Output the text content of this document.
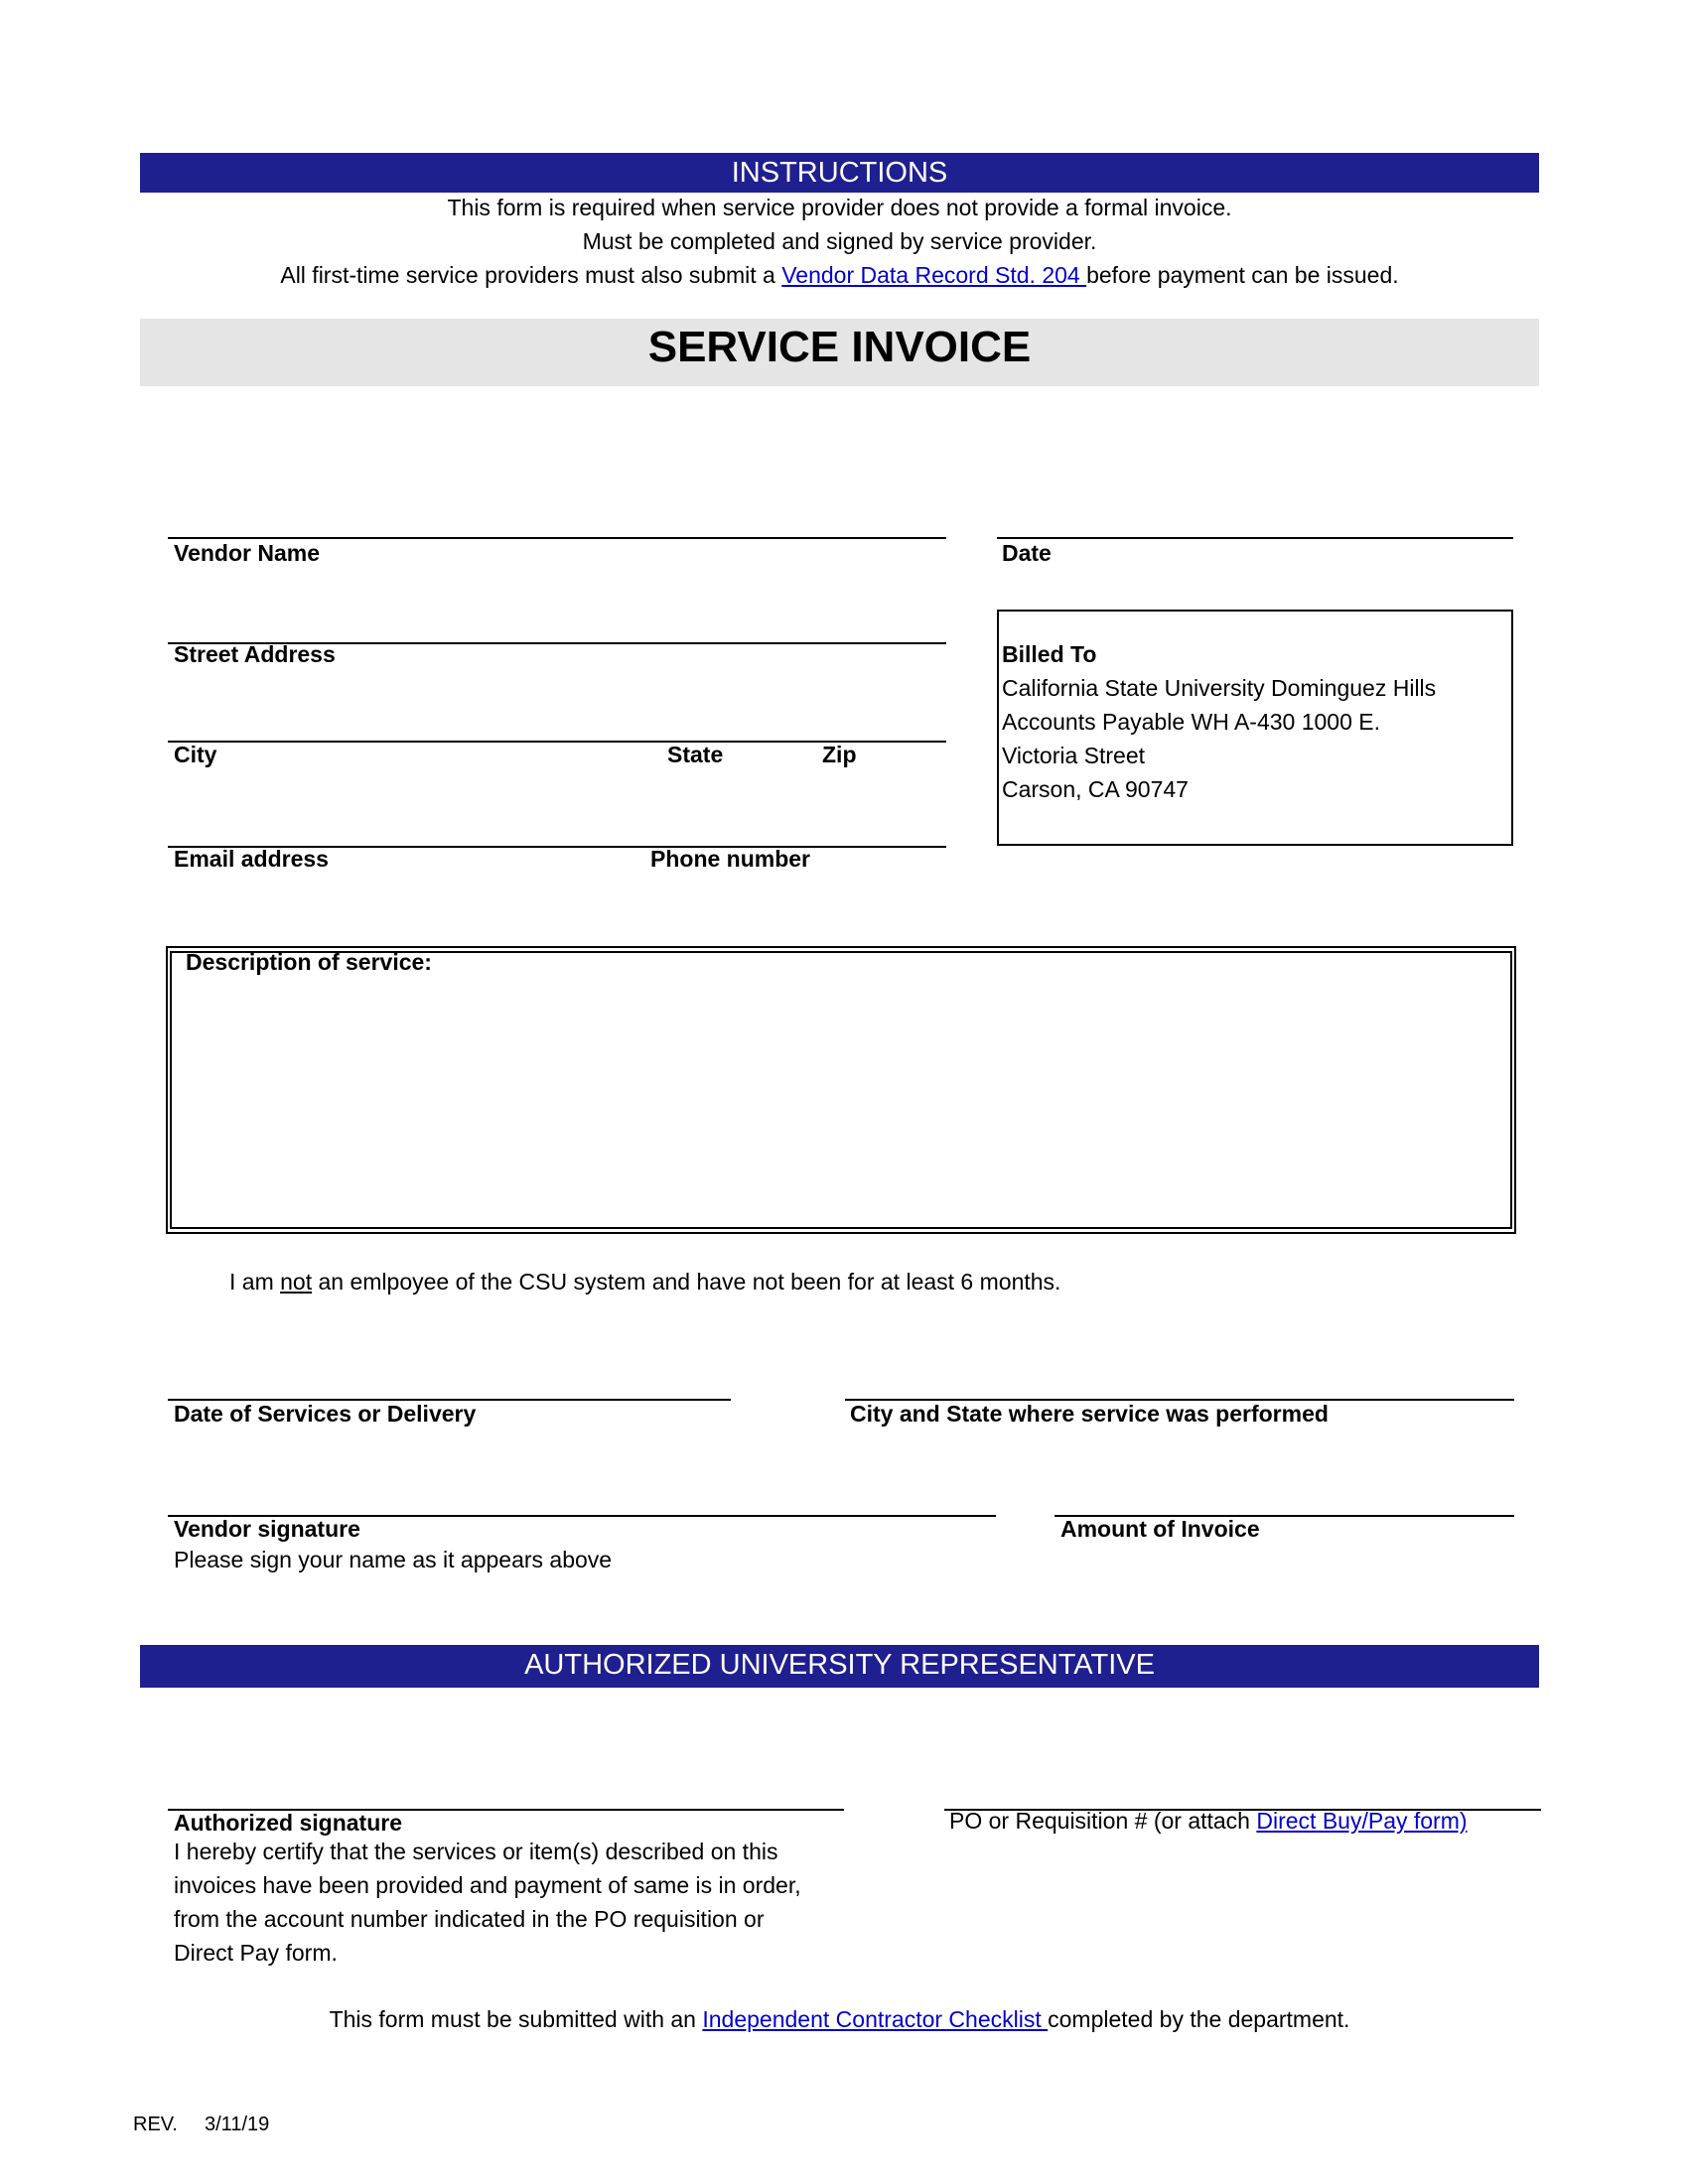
INSTRUCTIONS
This form is required when service provider does not provide a formal invoice.
Must be completed and signed by service provider.
All first-time service providers must also submit a Vendor Data Record Std. 204 before payment can be issued.
SERVICE INVOICE
Vendor Name	Date
Street Address	Billed To
California State University Dominguez Hills
Accounts Payable WH A-430 1000 E.
Victoria Street
Carson, CA 90747
City	State	Zip
Email address	Phone number
Description of service:
I am not an emlpoyee of the CSU system and have not been for at least 6 months.
Date of Services or Delivery	City and State where service was performed
Vendor signature
Please sign your name as it appears above
Amount of Invoice
AUTHORIZED UNIVERSITY REPRESENTATIVE
Authorized signature
I hereby certify that the services or item(s) described on this
invoices have been provided and payment of same is in order,
from the account number indicated in the PO requisition or
Direct Pay form.
PO or Requisition # (or attach Direct Buy/Pay form)
This form must be submitted with an Independent Contractor Checklist completed by the department.
REV. 3/11/19
